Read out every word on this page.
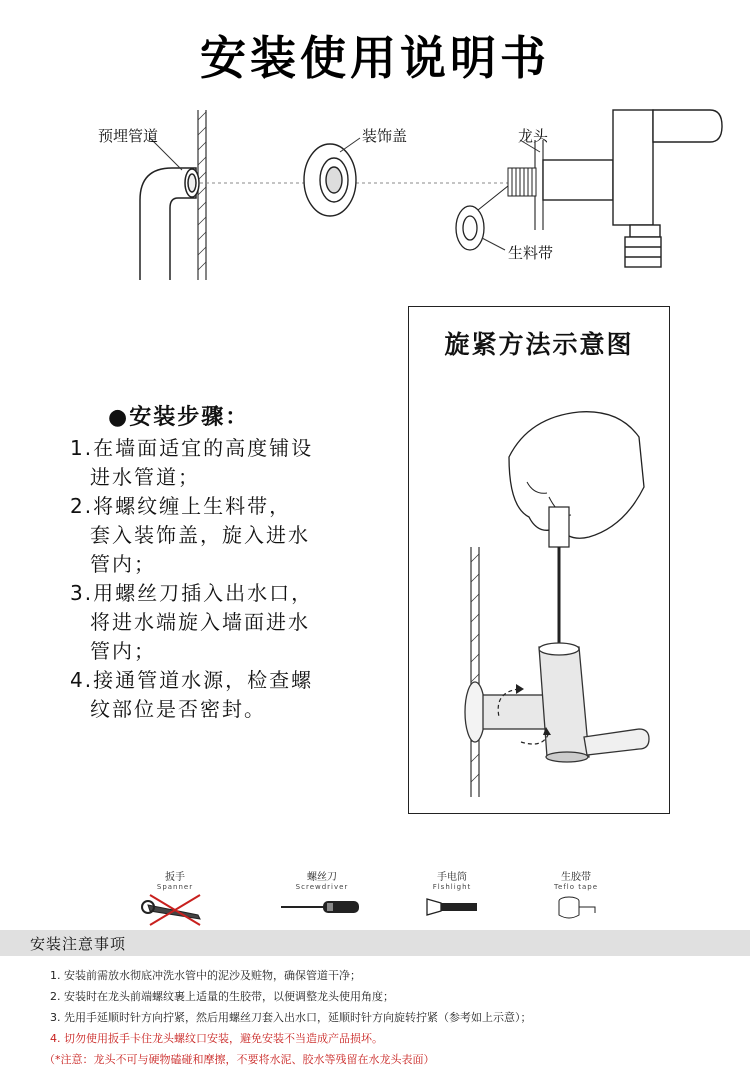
安装使用说明书
预埋管道	装饰盖	龙头
生料带
●安装步骤：
1.在墙面适宜的高度铺设
进水管道；
2.将螺纹缠上生料带，
套入装饰盖，旋入进水
管内；
3.用螺丝刀插入出水口，
将进水端旋入墙面进水
管内；
4.接通管道水源，检查螺
纹部位是否密封。
旋紧方法示意图
扳手
Spanner
螺丝刀
Screwdriver
手电筒
Flshlight
生胶带
Teflo tape
安装注意事项
1. 安装前需放水彻底冲洗水管中的泥沙及赃物，确保管道干净；
2. 安装时在龙头前端螺纹裹上适量的生胶带，以便调整龙头使用角度；
3. 先用手延顺时针方向拧紧，然后用螺丝刀套入出水口，延顺时针方向旋转拧紧（参考如上示意）；
4. 切勿使用扳手卡住龙头螺纹口安装，避免安装不当造成产品损坏。
（*注意：龙头不可与硬物磕碰和摩擦，不要将水泥、胶水等残留在水龙头表面）
